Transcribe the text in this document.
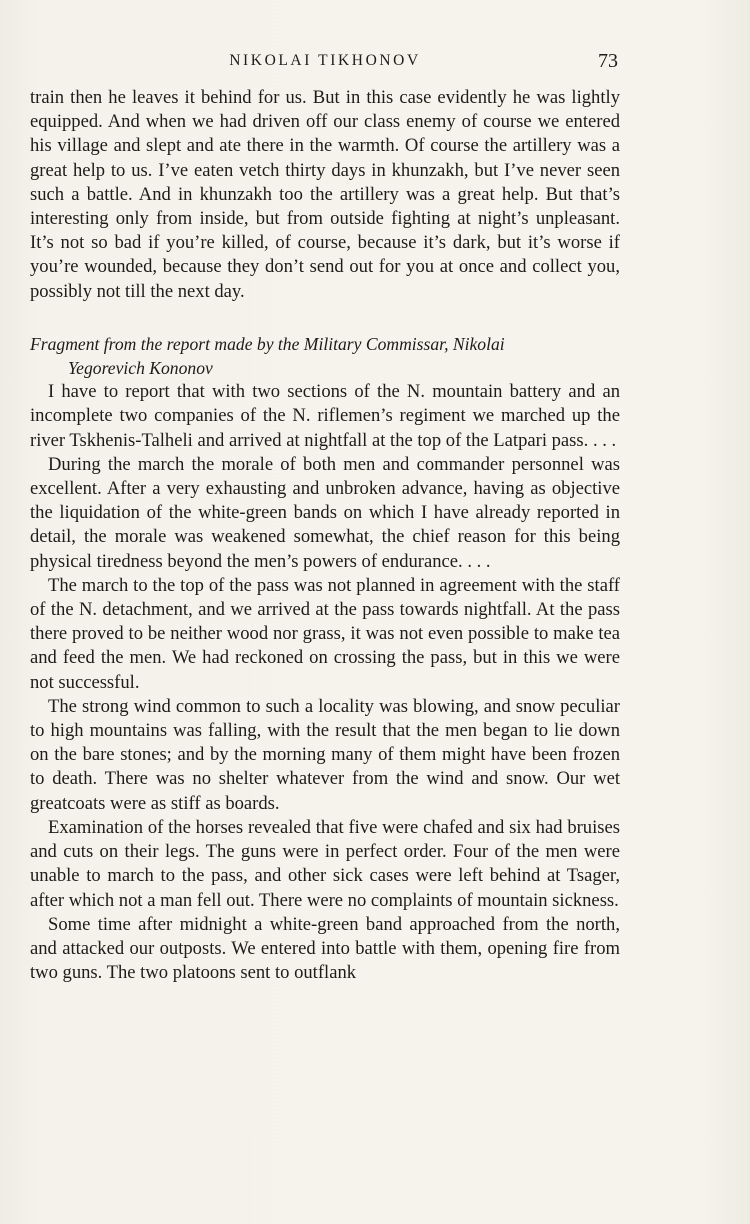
NIKOLAI TIKHONOV	73

train then he leaves it behind for us. But in this case evidently he was lightly equipped. And when we had driven off our class enemy of course we entered his village and slept and ate there in the warmth. Of course the artillery was a great help to us. I’ve eaten vetch thirty days in khunzakh, but I’ve never seen such a battle. And in khunzakh too the artillery was a great help. But that’s interesting only from inside, but from outside fighting at night’s unpleasant. It’s not so bad if you’re killed, of course, because it’s dark, but it’s worse if you’re wounded, because they don’t send out for you at once and collect you, possibly not till the next day.

Fragment from the report made by the Military Commissar, Nikolai

Yegorevich Kononov

I have to report that with two sections of the N. mountain battery and an incomplete two companies of the N. riflemen’s regiment we marched up the river Tskhenis-Talheli and arrived at nightfall at the top of the Latpari pass. . . .

During the march the morale of both men and commander personnel was excellent. After a very exhausting and unbroken advance, having as objective the liquidation of the white-green bands on which I have already reported in detail, the morale was weakened somewhat, the chief reason for this being physical tiredness beyond the men’s powers of endurance. . . .

The march to the top of the pass was not planned in agreement with the staff of the N. detachment, and we arrived at the pass towards nightfall. At the pass there proved to be neither wood nor grass, it was not even possible to make tea and feed the men. We had reckoned on crossing the pass, but in this we were not successful.

The strong wind common to such a locality was blowing, and snow peculiar to high mountains was falling, with the result that the men began to lie down on the bare stones; and by the morning many of them might have been frozen to death. There was no shelter whatever from the wind and snow. Our wet greatcoats were as stiff as boards.

Examination of the horses revealed that five were chafed and six had bruises and cuts on their legs. The guns were in perfect order. Four of the men were unable to march to the pass, and other sick cases were left behind at Tsager, after which not a man fell out. There were no complaints of mountain sickness.

Some time after midnight a white-green band approached from the north, and attacked our outposts. We entered into battle with them, opening fire from two guns. The two platoons sent to outflank
